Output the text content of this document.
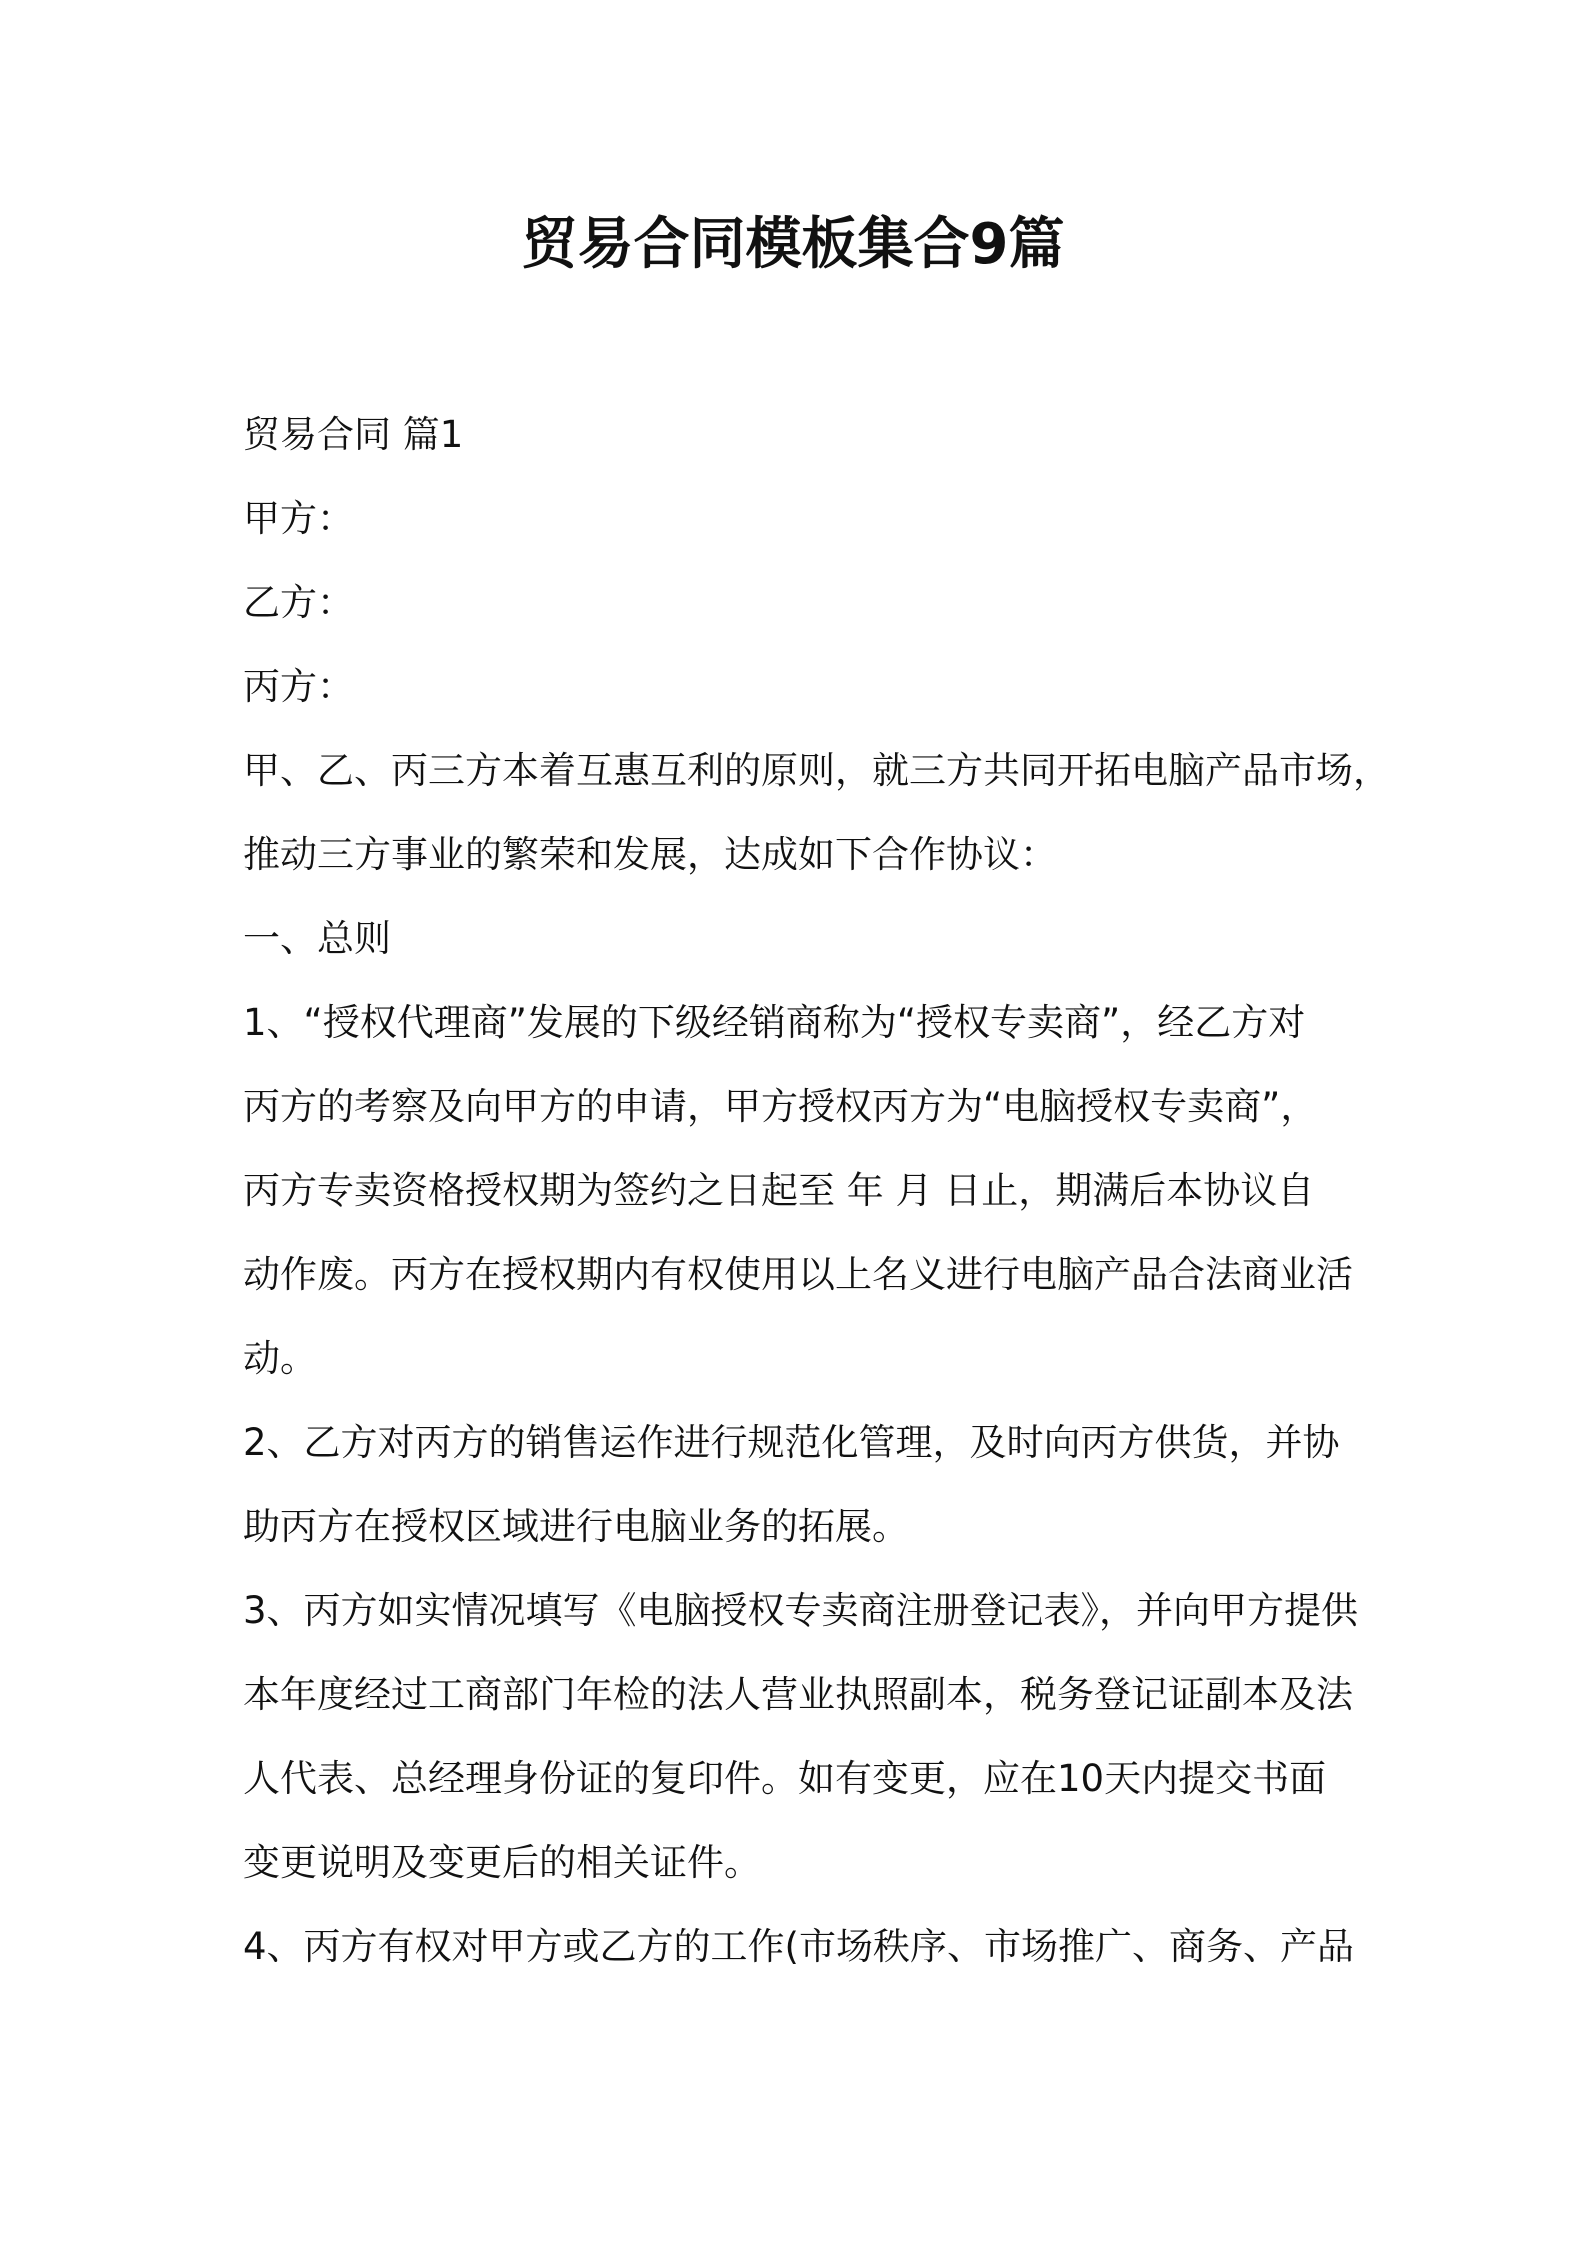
贸易合同模板集合9篇

贸易合同 篇1

甲方：

乙方：

丙方：

甲、乙、丙三方本着互惠互利的原则，就三方共同开拓电脑产品市场，

推动三方事业的繁荣和发展，达成如下合作协议：

一、总则

1、“授权代理商”发展的下级经销商称为“授权专卖商”，经乙方对

丙方的考察及向甲方的申请，甲方授权丙方为“电脑授权专卖商”，

丙方专卖资格授权期为签约之日起至 年 月 日止，期满后本协议自

动作废。丙方在授权期内有权使用以上名义进行电脑产品合法商业活

动。

2、乙方对丙方的销售运作进行规范化管理，及时向丙方供货，并协

助丙方在授权区域进行电脑业务的拓展。

3、丙方如实情况填写《电脑授权专卖商注册登记表》，并向甲方提供

本年度经过工商部门年检的法人营业执照副本，税务登记证副本及法

人代表、总经理身份证的复印件。如有变更，应在10天内提交书面

变更说明及变更后的相关证件。

4、丙方有权对甲方或乙方的工作(市场秩序、市场推广、商务、产品
